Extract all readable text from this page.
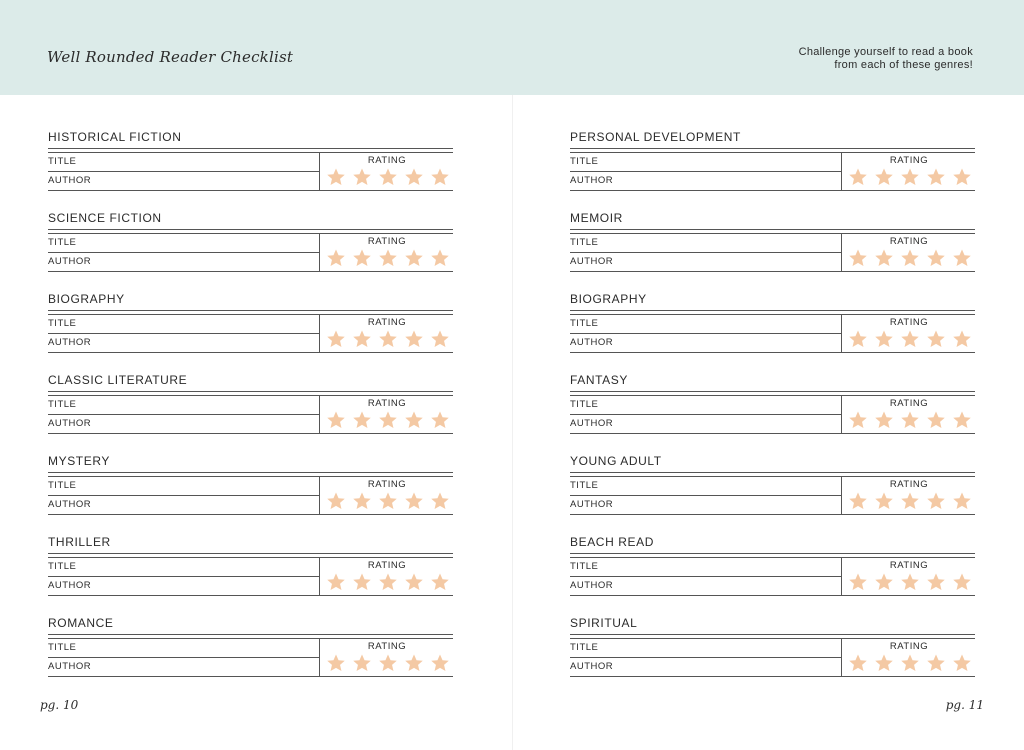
Well Rounded Reader Checklist	Challenge yourself to read a book
from each of these genres!
HISTORICAL FICTION
TITLE
AUTHOR
RATING
SCIENCE FICTION
TITLE
AUTHOR
RATING
BIOGRAPHY
TITLE
AUTHOR
RATING
CLASSIC LITERATURE
TITLE
AUTHOR
RATING
MYSTERY
TITLE
AUTHOR
RATING
THRILLER
TITLE
AUTHOR
RATING
ROMANCE
TITLE
AUTHOR
RATING
PERSONAL DEVELOPMENT
TITLE
AUTHOR
RATING
MEMOIR
TITLE
AUTHOR
RATING
BIOGRAPHY
TITLE
AUTHOR
RATING
FANTASY
TITLE
AUTHOR
RATING
YOUNG ADULT
TITLE
AUTHOR
RATING
BEACH READ
TITLE
AUTHOR
RATING
SPIRITUAL
TITLE
AUTHOR
RATING
pg. 10	pg. 11
